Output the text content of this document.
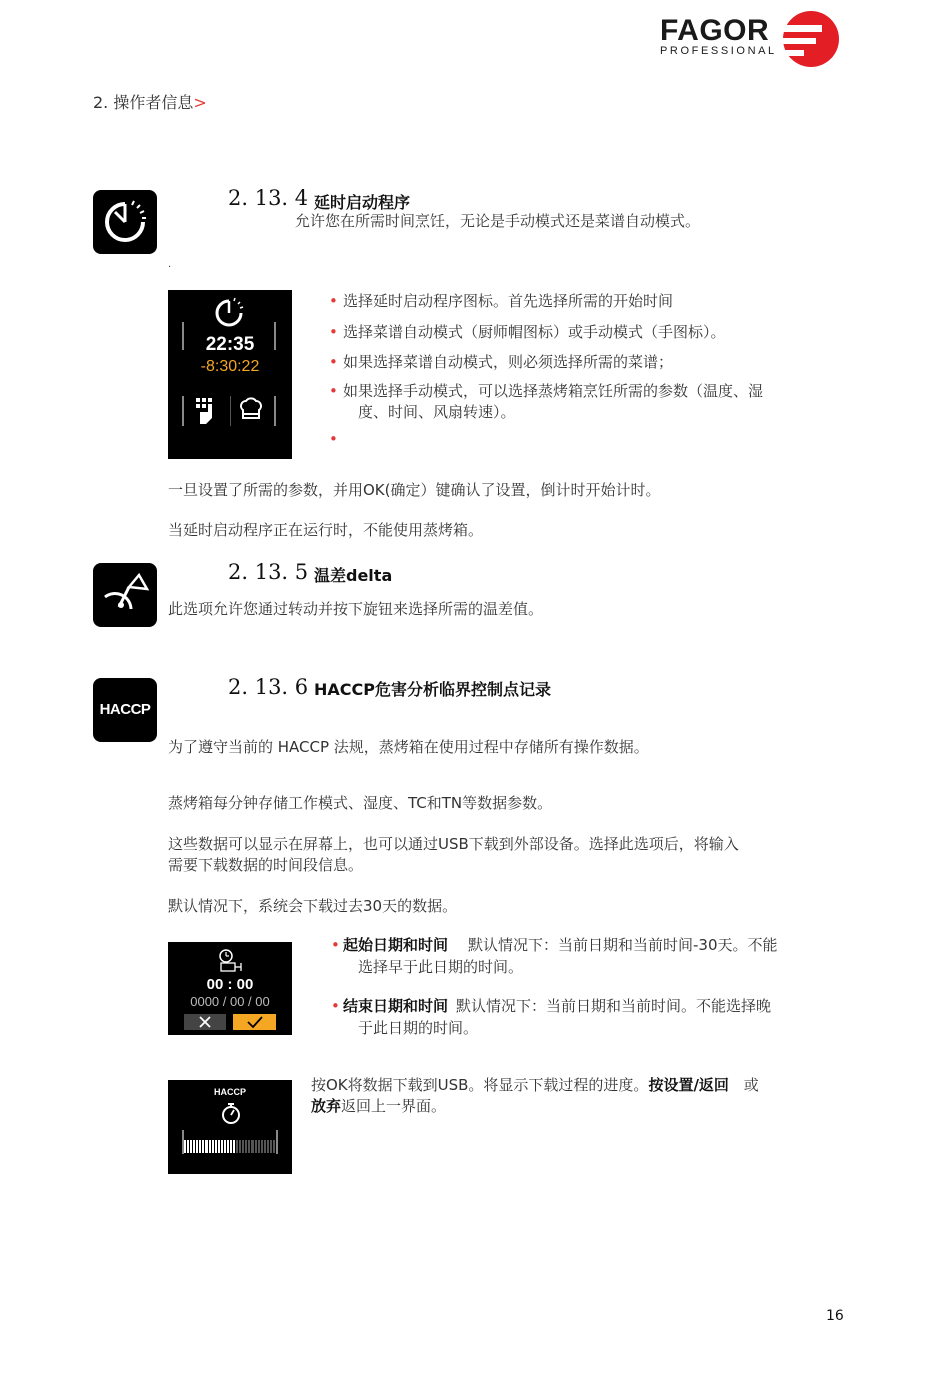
FAGOR
PROFESSIONAL
2. 操作者信息>
2. 13. 4 延时启动程序
允许您在所需时间烹饪，无论是手动模式还是菜谱自动模式。
.
22:35
-8:30:22
• 选择延时启动程序图标。首先选择所需的开始时间
• 选择菜谱自动模式（厨师帽图标）或手动模式（手图标）。
• 如果选择菜谱自动模式，则必须选择所需的菜谱；
• 如果选择手动模式，可以选择蒸烤箱烹饪所需的参数（温度、湿
度、时间、风扇转速）。
•
一旦设置了所需的参数，并用OK(确定）键确认了设置，倒计时开始计时。
当延时启动程序正在运行时，不能使用蒸烤箱。
2. 13. 5 温差delta
此选项允许您通过转动并按下旋钮来选择所需的温差值。
HACCP
2. 13. 6 HACCP危害分析临界控制点记录
为了遵守当前的 HACCP 法规，蒸烤箱在使用过程中存储所有操作数据。
蒸烤箱每分钟存储工作模式、湿度、TC和TN等数据参数。
这些数据可以显示在屏幕上，也可以通过USB下载到外部设备。选择此选项后，将输入
需要下载数据的时间段信息。
默认情况下，系统会下载过去30天的数据。
00 : 00
0000 / 00 / 00
• 起始日期和时间 默认情况下：当前日期和当前时间-30天。不能
选择早于此日期的时间。
• 结束日期和时间 默认情况下：当前日期和当前时间。不能选择晚
于此日期的时间。
HACCP	按OK将数据下载到USB。将显示下载过程的进度。按设置/返回 或
放弃返回上一界面。
16
